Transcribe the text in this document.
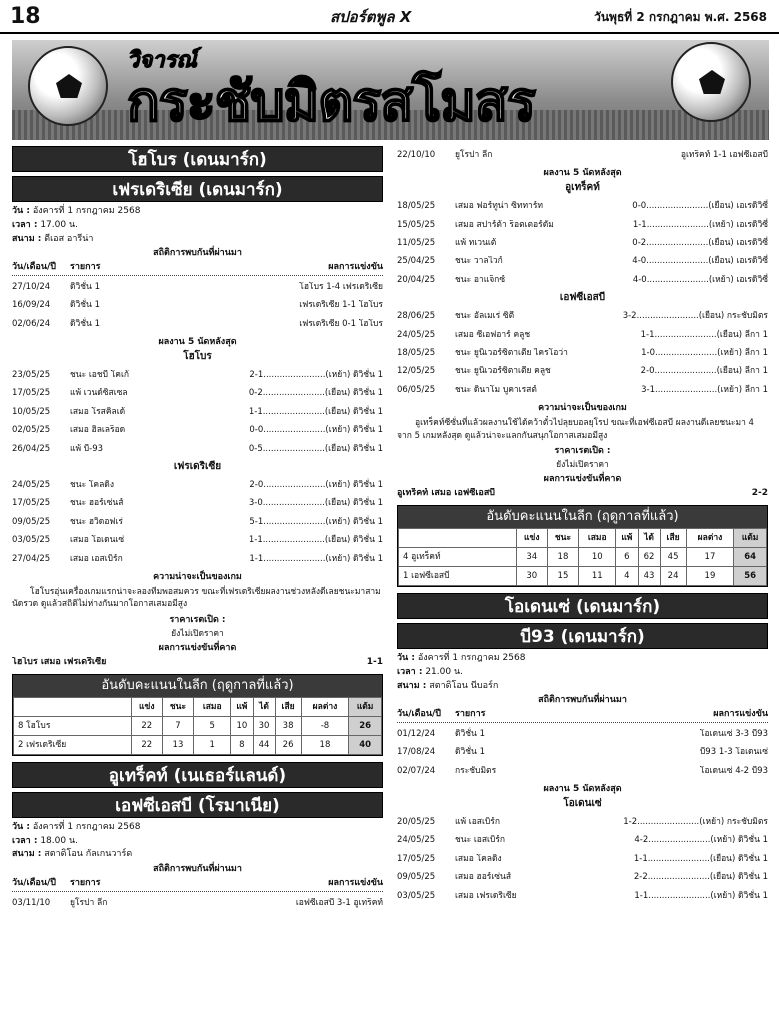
18	สปอร์ตพูล X	วันพุธที่ 2 กรกฎาคม พ.ศ. 2568
วิจารณ์
กระชับมิตรสโมสร
โฮโบร (เดนมาร์ก)
เฟรเดริเซีย (เดนมาร์ก)
วัน : อังคารที่ 1 กรกฎาคม 2568
เวลา : 17.00 น.
สนาม : ดีเอส อารีน่า
สถิติการพบกันที่ผ่านมา
วัน/เดือน/ปี	รายการ	ผลการแข่งขัน
27/10/24	ดิวิชั่น 1	โฮโบร 1-4 เฟรเดริเซีย
16/09/24	ดิวิชั่น 1	เฟรเดริเซีย 1-1 โฮโบร
02/06/24	ดิวิชั่น 1	เฟรเดริเซีย 0-1 โฮโบร
ผลงาน 5 นัดหลังสุด
โฮโบร
23/05/25	ชนะ เอชบี โคเก้	2-1.......................(เหย้า) ดิวิชั่น 1
17/05/25	แพ้ เวนด์ซิสเซล	0-2.......................(เยือน) ดิวิชั่น 1
10/05/25	เสมอ โรสคิลเด้	1-1.......................(เยือน) ดิวิชั่น 1
02/05/25	เสมอ ฮิลเลร็อด	0-0.......................(เหย้า) ดิวิชั่น 1
26/04/25	แพ้ บี-93	0-5.......................(เยือน) ดิวิชั่น 1
เฟรเดริเซีย
24/05/25	ชนะ โคลดิ้ง	2-0.......................(เหย้า) ดิวิชั่น 1
17/05/25	ชนะ ฮอร์เซ่นส์	3-0.......................(เยือน) ดิวิชั่น 1
09/05/25	ชนะ ฮวิดอฟเร่	5-1.......................(เหย้า) ดิวิชั่น 1
03/05/25	เสมอ โอเดนเซ่	1-1.......................(เยือน) ดิวิชั่น 1
27/04/25	เสมอ เอสเบิร์ก	1-1.......................(เหย้า) ดิวิชั่น 1
ความน่าจะเป็นของเกม
โฮโบรอุ่นเครื่องเกมแรกน่าจะลองทีมพอสมควร ขณะที่เฟรเดริเซียผลงานช่วงหลังดีเลยชนะมาสามนัดรวด ดูแล้วสถิติไม่ห่างกันมากโอกาสเสมอมีสูง
ราคาเรตเปิด :
ยังไม่เปิดราคา
ผลการแข่งขันที่คาด
โฮโบร เสมอ เฟรเดริเซีย	1-1
อันดับคะแนนในลีก (ฤดูกาลที่แล้ว)
	แข่ง	ชนะ	เสมอ	แพ้	ได้	เสีย	ผลต่าง	แต้ม
8 โฮโบร	22	7	5	10	30	38	-8	26
2 เฟรเดริเซีย	22	13	1	8	44	26	18	40
อูเทร็คท์ (เนเธอร์แลนด์)
เอฟซีเอสบี (โรมาเนีย)
วัน : อังคารที่ 1 กรกฎาคม 2568
เวลา : 18.00 น.
สนาม : สตาดิโอน กัลเกนวาร์ด
สถิติการพบกันที่ผ่านมา
วัน/เดือน/ปี	รายการ	ผลการแข่งขัน
03/11/10	ยูโรปา ลีก	เอฟซีเอสบี 3-1 อูเทร็คท์
22/10/10	ยูโรปา ลีก	อูเทร็คท์ 1-1 เอฟซีเอสบี
ผลงาน 5 นัดหลังสุด
อูเทร็คท์
18/05/25	เสมอ ฟอร์ทูน่า ซิททาร์ท	0-0.......................(เยือน) เอเรดิวิซี่
15/05/25	เสมอ สปาร์ต้า ร็อตเตอร์ดัม	1-1.......................(เหย้า) เอเรดิวิซี่
11/05/25	แพ้ ทเวนเต้	0-2.......................(เยือน) เอเรดิวิซี่
25/04/25	ชนะ วาลไวก์	4-0.......................(เยือน) เอเรดิวิซี่
20/04/25	ชนะ อาแจ็กซ์	4-0.......................(เหย้า) เอเรดิวิซี่
เอฟซีเอสบี
28/06/25	ชนะ อัลเมเร่ ซิตี้	3-2.......................(เยือน) กระชับมิตร
24/05/25	เสมอ ซีเอฟอาร์ คลูช	1-1.......................(เยือน) ลีกา 1
18/05/25	ชนะ ยูนิเวอร์ซิตาเตีย ไครโอว่า	1-0.......................(เหย้า) ลีกา 1
12/05/25	ชนะ ยูนิเวอร์ซิตาเตีย คลูช	2-0.......................(เยือน) ลีกา 1
06/05/25	ชนะ ดินาโม บูคาเรสต์	3-1.......................(เหย้า) ลีกา 1
ความน่าจะเป็นของเกม
อูเทร็คท์ซีซั่นที่แล้วผลงานใช้ได้คว้าตั๋วไปลุยบอลยุโรป ขณะที่เอฟซีเอสบี ผลงานดีเลยชนะมา 4 จาก 5 เกมหลังสุด ดูแล้วน่าจะแลกกันสนุกโอกาสเสมอมีสูง
ราคาเรตเปิด :
ยังไม่เปิดราคา
ผลการแข่งขันที่คาด
อูเทร็คท์ เสมอ เอฟซีเอสบี	2-2
อันดับคะแนนในลีก (ฤดูกาลที่แล้ว)
	แข่ง	ชนะ	เสมอ	แพ้	ได้	เสีย	ผลต่าง	แต้ม
4 อูเทร็คท์	34	18	10	6	62	45	17	64
1 เอฟซีเอสบี	30	15	11	4	43	24	19	56
โอเดนเซ่ (เดนมาร์ก)
บี93 (เดนมาร์ก)
วัน : อังคารที่ 1 กรกฎาคม 2568
เวลา : 21.00 น.
สนาม : สตาดิโอน นีบอร์ก
สถิติการพบกันที่ผ่านมา
วัน/เดือน/ปี	รายการ	ผลการแข่งขัน
01/12/24	ดิวิชั่น 1	โอเดนเซ่ 3-3 บี93
17/08/24	ดิวิชั่น 1	บี93 1-3 โอเดนเซ่
02/07/24	กระชับมิตร	โอเดนเซ่ 4-2 บี93
ผลงาน 5 นัดหลังสุด
โอเดนเซ่
20/05/25	แพ้ เอสเบิร์ก	1-2.......................(เหย้า) กระชับมิตร
24/05/25	ชนะ เอสเบิร์ก	4-2.......................(เหย้า) ดิวิชั่น 1
17/05/25	เสมอ โคลดิ้ง	1-1.......................(เยือน) ดิวิชั่น 1
09/05/25	เสมอ ฮอร์เซ่นส์	2-2.......................(เยือน) ดิวิชั่น 1
03/05/25	เสมอ เฟรเดริเซีย	1-1.......................(เหย้า) ดิวิชั่น 1
